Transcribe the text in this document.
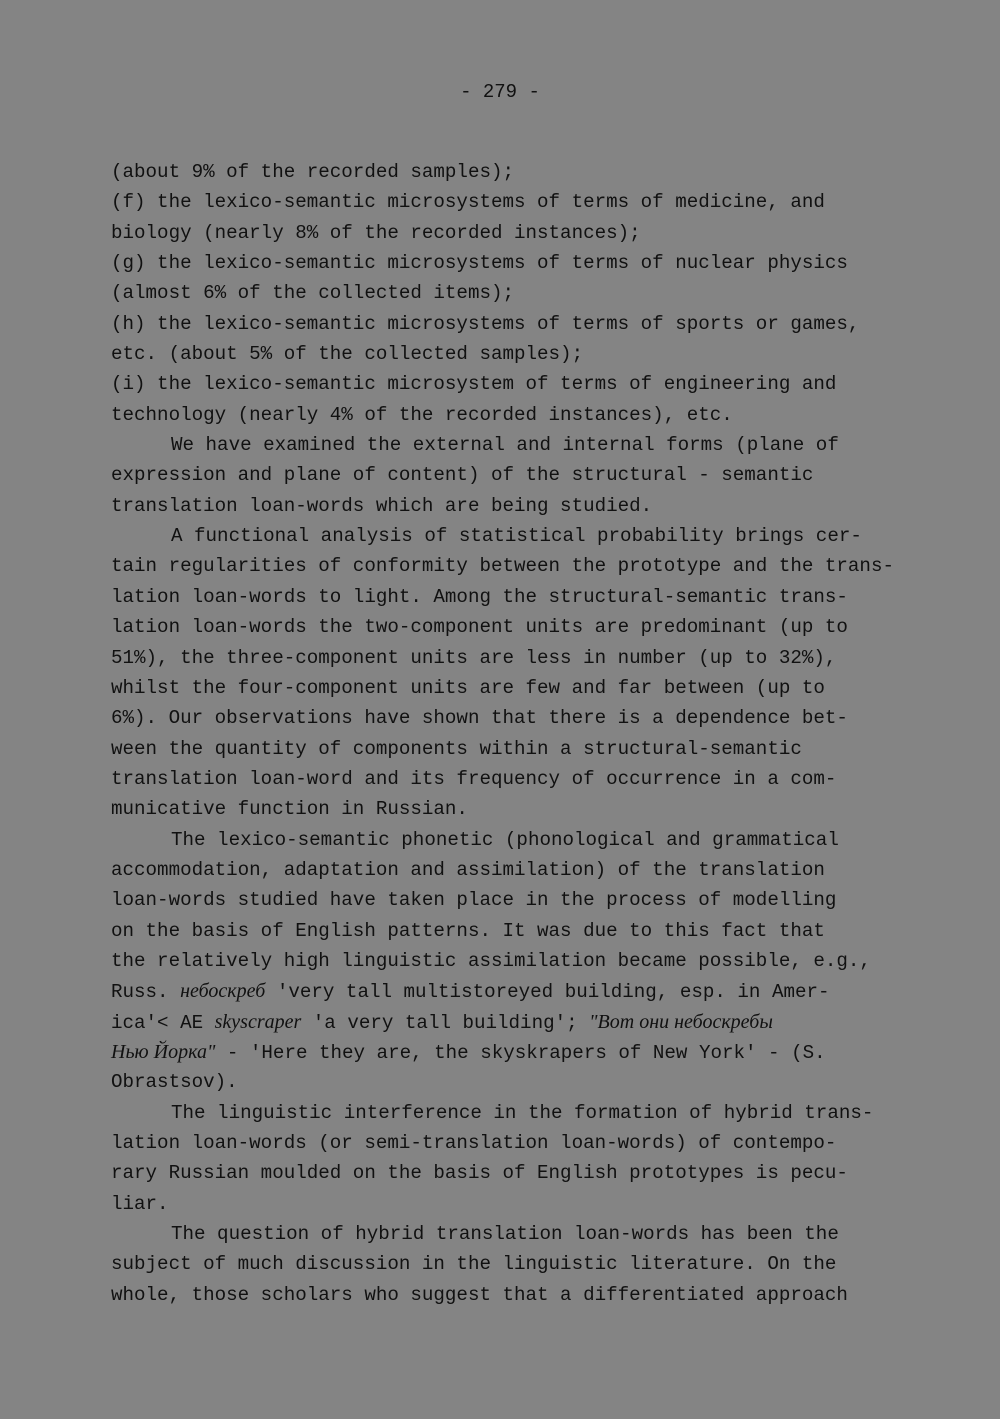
- 279 -
(about 9% of the recorded samples);
(f) the lexico-semantic microsystems of terms of medicine, and
biology (nearly 8% of the recorded instances);
(g) the lexico-semantic microsystems of terms of nuclear physics
(almost 6% of the collected items);
(h) the lexico-semantic microsystems of terms of sports or games,
etc. (about 5% of the collected samples);
(i) the lexico-semantic microsystem of terms of engineering and
technology (nearly 4% of the recorded instances), etc.
We have examined the external and internal forms (plane of
expression and plane of content) of the structural - semantic
translation loan-words which are being studied.
A functional analysis of statistical probability brings cer-
tain regularities of conformity between the prototype and the trans-
lation loan-words to light. Among the structural-semantic trans-
lation loan-words the two-component units are predominant (up to
51%), the three-component units are less in number (up to 32%),
whilst the four-component units are few and far between (up to
6%). Our observations have shown that there is a dependence bet-
ween the quantity of components within a structural-semantic
translation loan-word and its frequency of occurrence in a com-
municative function in Russian.
The lexico-semantic phonetic (phonological and grammatical
accommodation, adaptation and assimilation) of the translation
loan-words studied have taken place in the process of modelling
on the basis of English patterns. It was due to this fact that
the relatively high linguistic assimilation became possible, e.g.,
Russ. небоскреб 'very tall multistoreyed building, esp. in Amer-
ica'< AE skyscraper 'a very tall building'; "Вот они небоскребы
Нью Йорка" - 'Here they are, the skyskrapers of New York' - (S.
Obrastsov).
The linguistic interference in the formation of hybrid trans-
lation loan-words (or semi-translation loan-words) of contempo-
rary Russian moulded on the basis of English prototypes is pecu-
liar.
The question of hybrid translation loan-words has been the
subject of much discussion in the linguistic literature. On the
whole, those scholars who suggest that a differentiated approach
